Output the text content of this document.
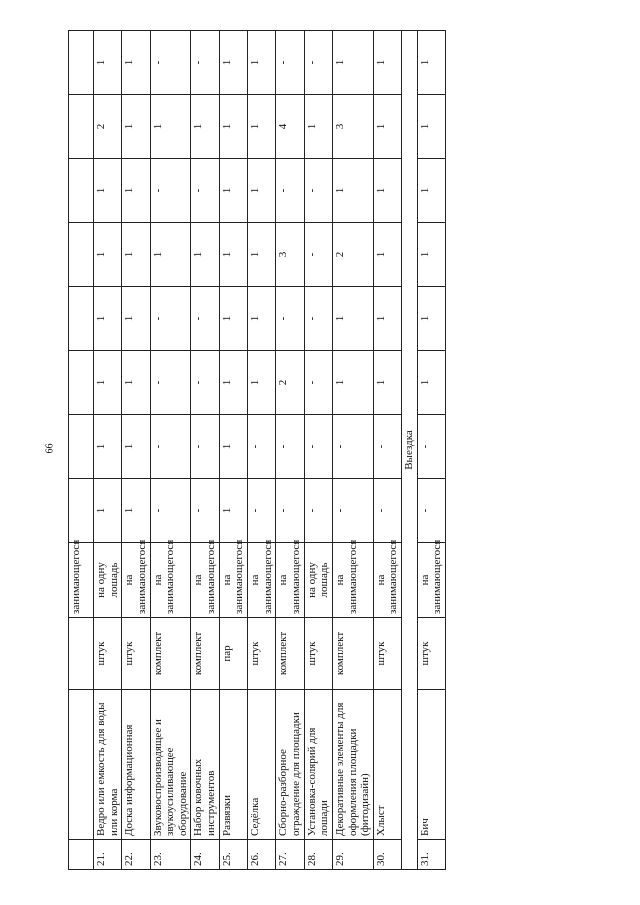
66
			занимающегося								
21.	Ведро или емкость для воды или корма	штук	на одну лошадь	1	1	1	1	1	1	2	1
22.	Доска информационная	штук	на занимающегося	1	1	1	1	1	1	1	1
23.	Звуковоспроизводящее и звукоусиливающее оборудование	комплект	на занимающегося	-	-	-	-	1	-	1	-
24.	Набор ковочных инструментов	комплект	на занимающегося	-	-	-	-	1	-	1	-
25.	Развязки	пар	на занимающегося	1	1	1	1	1	1	1	1
26.	Седёлка	штук	на занимающегося	-	-	1	1	1	1	1	1
27.	Сборно-разборное ограждение для площадки	комплект	на занимающегося	-	-	2	-	3	-	4	-
28.	Установка-солярий для лошади	штук	на одну лошадь	-	-	-	-	-	-	1	-
29.	Декоративные элементы для оформления площадки (фитодизайн)	комплект	на занимающегося	-	-	1	1	2	1	3	1
30.	Хлыст	штук	на занимающегося	-	-	1	1	1	1	1	1
Выездка											
31.	Бич	штук	на занимающегося	-	-	1	1	1	1	1	1
